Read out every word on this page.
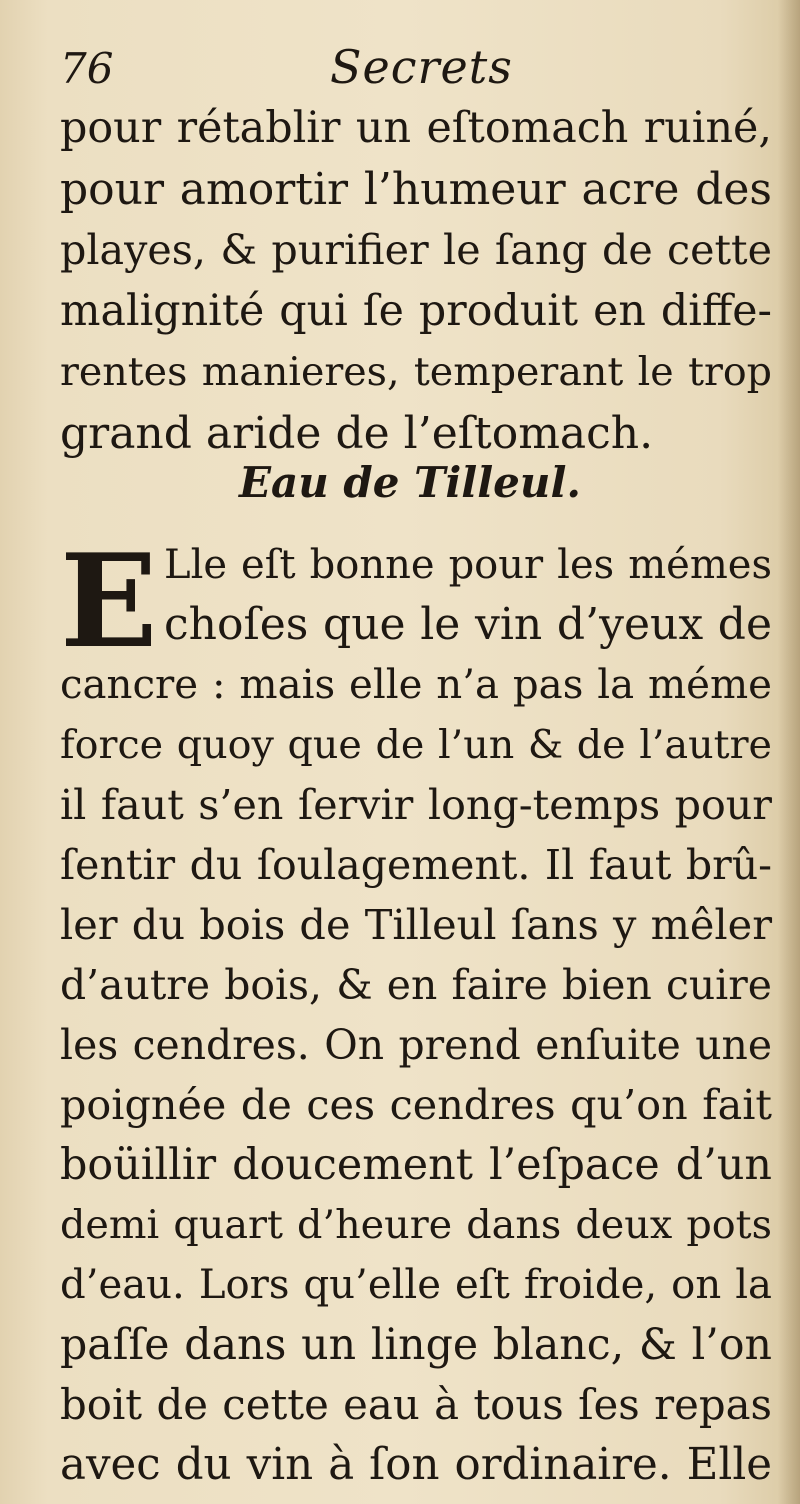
76	Secrets
pour rétablir un eſtomach ruiné,
pour amortir l’humeur acre des
playes, & purifier le ſang de cette
malignité qui ſe produit en diffe-
rentes manieres, temperant le trop
grand aride de l’eſtomach.
Eau de Tilleul.
E Lle eſt bonne pour les mémes
choſes que le vin d’yeux de
cancre : mais elle n’a pas la méme
force quoy que de l’un & de l’autre
il faut s’en ſervir long-temps pour
ſentir du ſoulagement. Il faut brû-
ler du bois de Tilleul ſans y mêler
d’autre bois, & en faire bien cuire
les cendres. On prend enſuite une
poignée de ces cendres qu’on fait
boüillir doucement l’eſpace d’un
demi quart d’heure dans deux pots
d’eau. Lors qu’elle eſt froide, on la
paſſe dans un linge blanc, & l’on
boit de cette eau à tous ſes repas
avec du vin à ſon ordinaire. Elle
